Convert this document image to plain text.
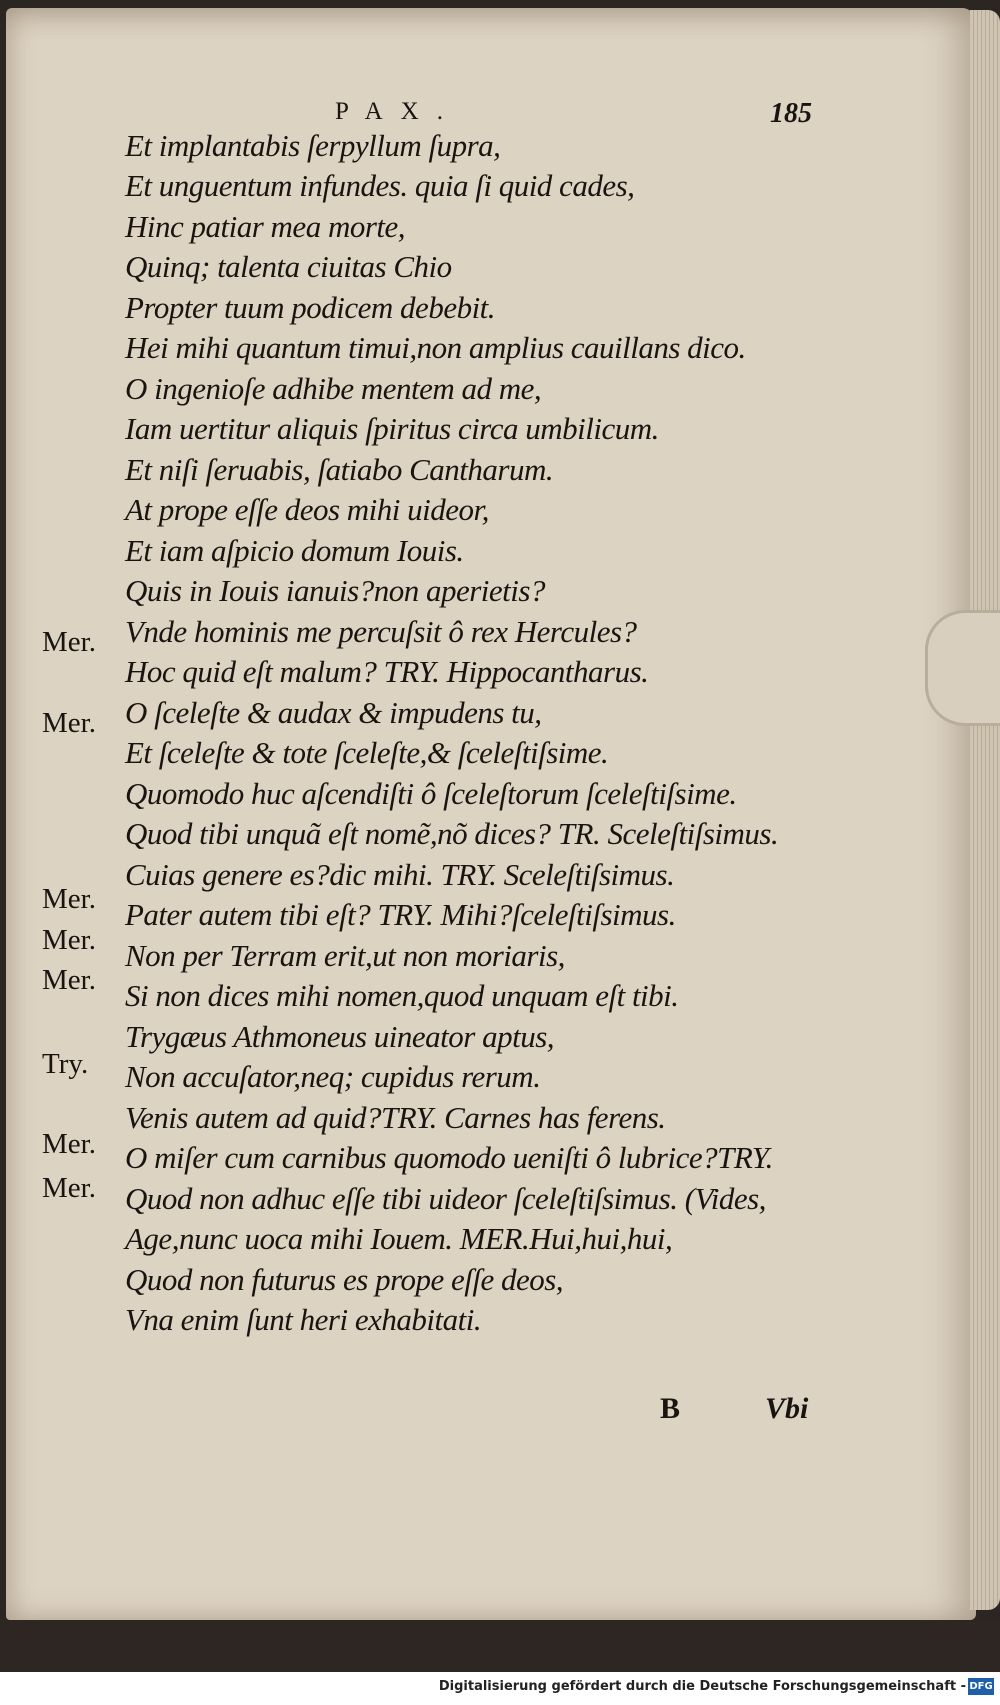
PAX.	185
Et implantabis ſerpyllum ſupra,
Et unguentum infundes. quia ſi quid cades,
Hinc patiar mea morte,
Quinq; talenta ciuitas Chio
Propter tuum podicem debebit.
Hei mihi quantum timui,non amplius cauillans dico.
O ingenioſe adhibe mentem ad me,
Iam uertitur aliquis ſpiritus circa umbilicum.
Et niſi ſeruabis, ſatiabo Cantharum.
At prope eſſe deos mihi uideor,
Et iam aſpicio domum Iouis.
Quis in Iouis ianuis?non aperietis?
Vnde hominis me percuſsit ô rex Hercules?
Hoc quid eſt malum? TRY. Hippocantharus.
O ſceleſte & audax & impudens tu,
Et ſceleſte & tote ſceleſte,& ſceleſtiſsime.
Quomodo huc aſcendiſti ô ſceleſtorum ſceleſtiſsime.
Quod tibi unquã eſt nomẽ,nõ dices? TR. Sceleſtiſsimus.
Cuias genere es?dic mihi. TRY. Sceleſtiſsimus.
Pater autem tibi eſt? TRY. Mihi?ſceleſtiſsimus.
Non per Terram erit,ut non moriaris,
Si non dices mihi nomen,quod unquam eſt tibi.
Trygæus Athmoneus uineator aptus,
Non accuſator,neq; cupidus rerum.
Venis autem ad quid?TRY. Carnes has ferens.
O miſer cum carnibus quomodo ueniſti ô lubrice?TRY.
Quod non adhuc eſſe tibi uideor ſceleſtiſsimus. (Vides,
Age,nunc uoca mihi Iouem. MER.Hui,hui,hui,
Quod non futurus es prope eſſe deos,
Vna enim ſunt heri exhabitati.
Mer.
Mer.
Mer.
Mer.
Mer.
Try.
Mer.
Mer.
B	Vbi
Digitalisierung gefördert durch die Deutsche Forschungsgemeinschaft - DFG
